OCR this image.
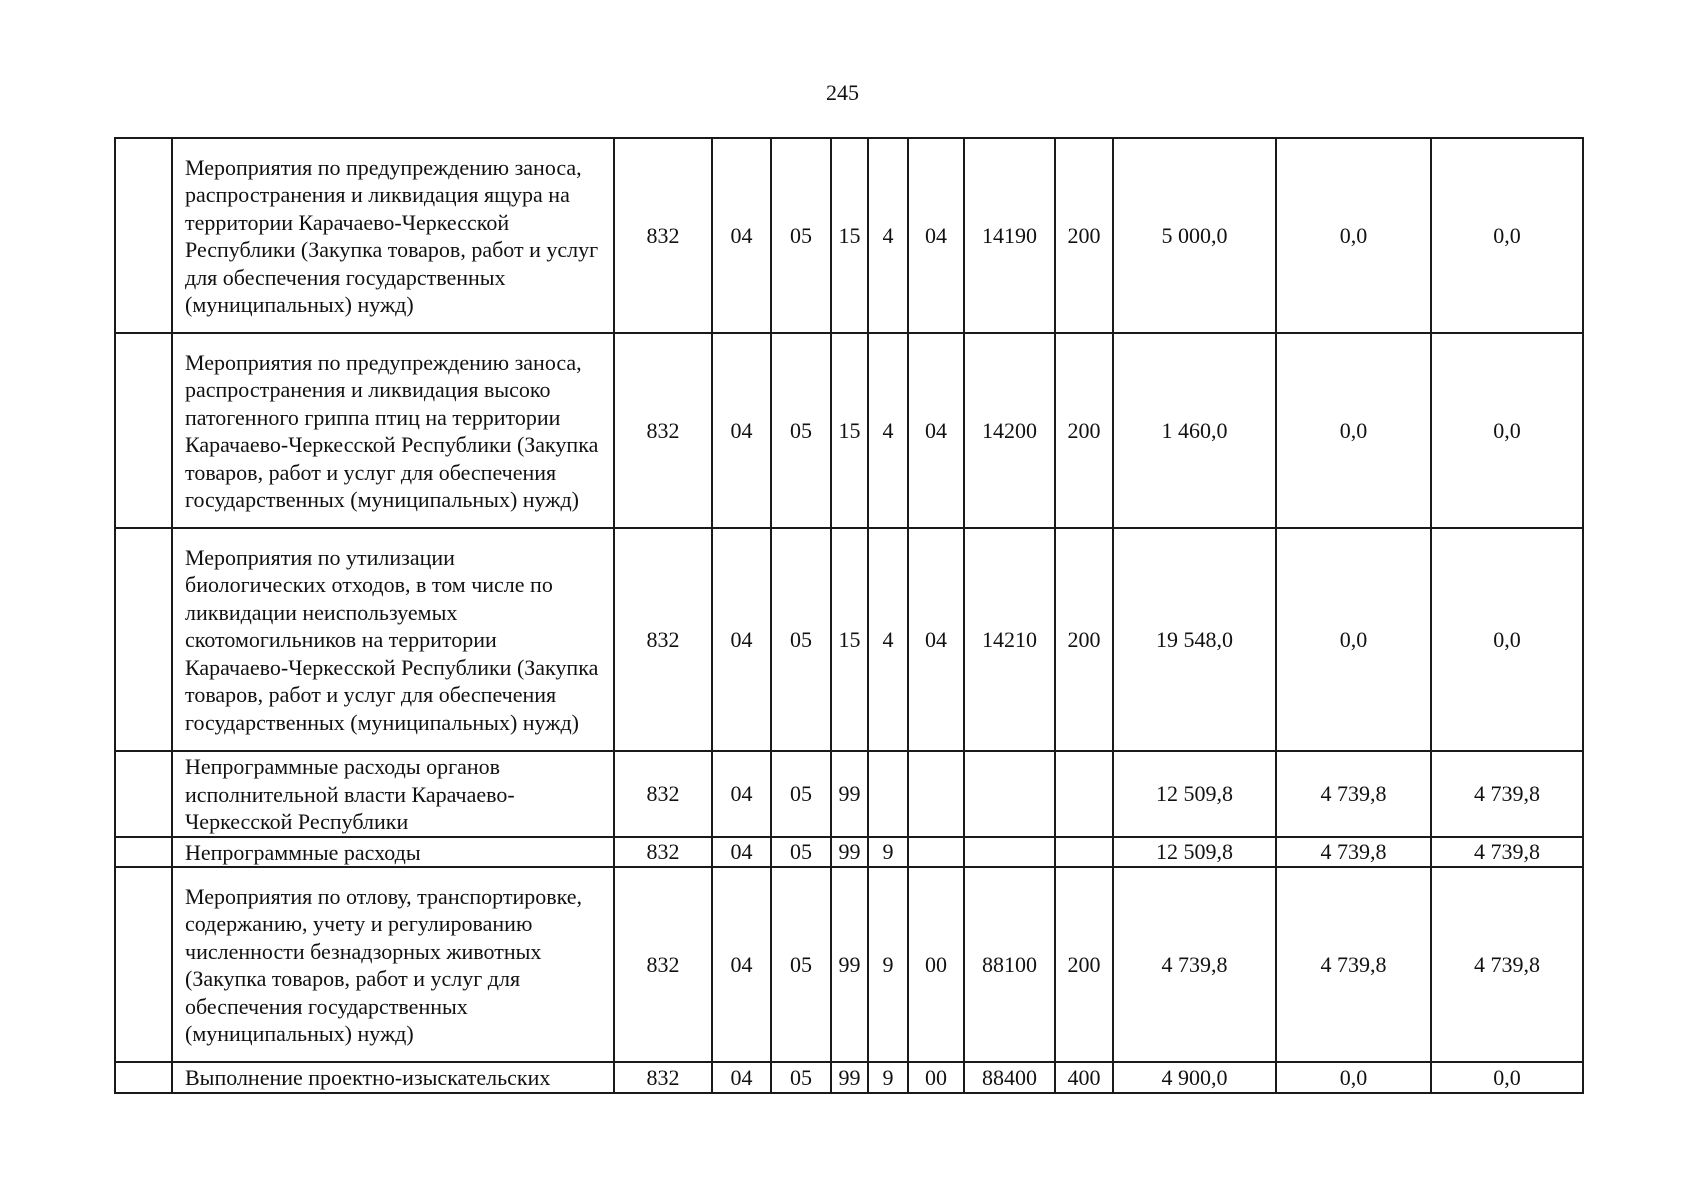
245
	Мероприятия по предупреждению заноса, распространения и ликвидация ящура на территории Карачаево-Черкесской Республики (Закупка товаров, работ и услуг для обеспечения государственных (муниципальных) нужд)	832	04	05	15	4	04	14190	200	5 000,0	0,0	0,0
	Мероприятия по предупреждению заноса, распространения и ликвидация высоко патогенного гриппа птиц на территории Карачаево-Черкесской Республики (Закупка товаров, работ и услуг для обеспечения государственных (муниципальных) нужд)	832	04	05	15	4	04	14200	200	1 460,0	0,0	0,0
	Мероприятия по утилизации биологических отходов, в том числе по ликвидации неиспользуемых скотомогильников на территории Карачаево-Черкесской Республики (Закупка товаров, работ и услуг для обеспечения государственных (муниципальных) нужд)	832	04	05	15	4	04	14210	200	19 548,0	0,0	0,0
	Непрограммные расходы органов исполнительной власти Карачаево-Черкесской Республики	832	04	05	99					12 509,8	4 739,8	4 739,8
	Непрограммные расходы	832	04	05	99	9				12 509,8	4 739,8	4 739,8
	Мероприятия по отлову, транспортировке, содержанию, учету и регулированию численности безнадзорных животных (Закупка товаров, работ и услуг для обеспечения государственных (муниципальных) нужд)	832	04	05	99	9	00	88100	200	4 739,8	4 739,8	4 739,8
	Выполнение проектно-изыскательских	832	04	05	99	9	00	88400	400	4 900,0	0,0	0,0
